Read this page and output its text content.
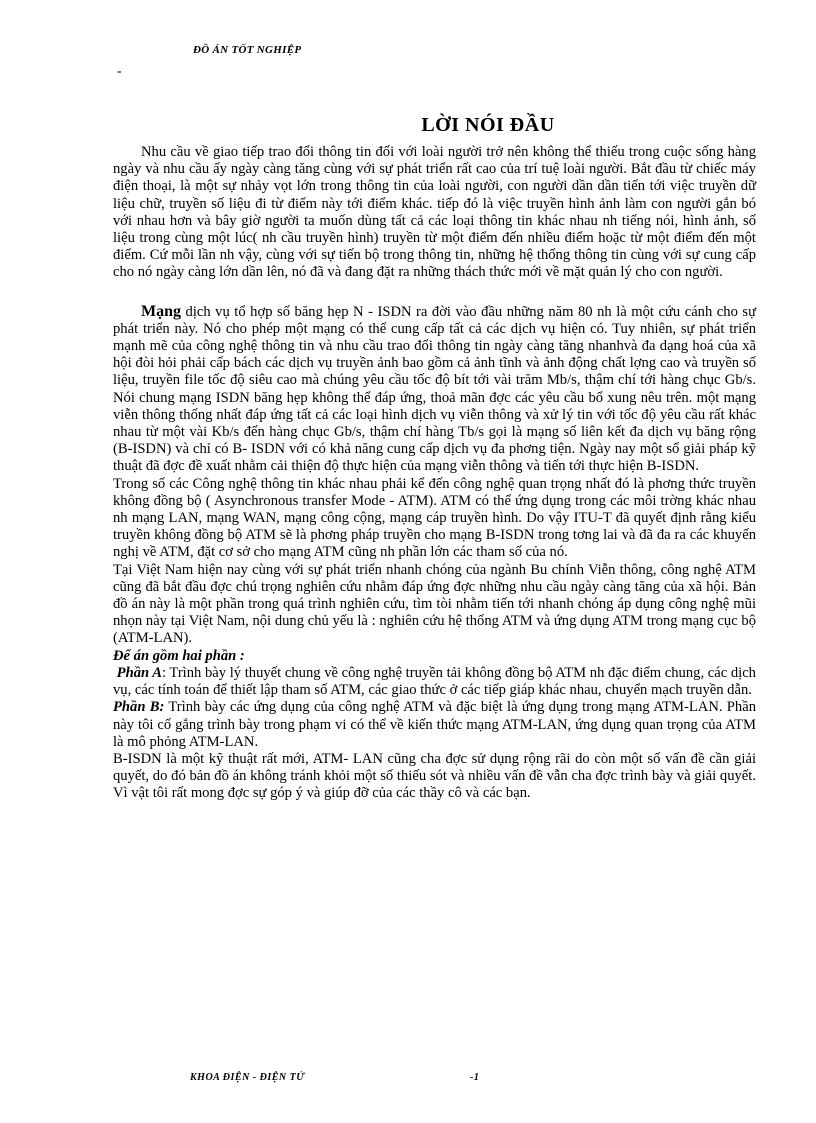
ĐỒ ÁN TỐT NGHIỆP
-
LỜI NÓI ĐẦU

Nhu cầu về giao tiếp trao đổi thông tin đối với loài người trở nên không thể thiếu trong cuộc sống hàng ngày và nhu cầu ấy ngày càng tăng cùng với sự phát triển rất cao của trí tuệ loài người. Bắt đầu từ chiếc máy điện thoại, là một sự nhảy vọt lớn trong thông tin của loài người, con người dần dần tiến tới việc truyền dữ liệu chữ, truyền số liệu đi từ điểm này tới điểm khác. tiếp đó là việc truyền hình ảnh làm con người gắn bó với nhau hơn và bây giờ người ta muốn dùng tất cả các loại thông tin khác nhau nh tiếng nói, hình ảnh, số liệu trong cùng một lúc( nh cầu truyền hình) truyền từ một điểm đến nhiều điểm hoặc từ một điểm đến một điểm. Cứ mỗi lần nh vậy, cùng với sự tiến bộ trong thông tin, những hệ thống thông tin cùng với sự cung cấp cho nó ngày càng lớn dần lên, nó đã và đang đặt ra những thách thức mới về mặt quản lý cho con người.

Mạng dịch vụ tổ hợp số băng hẹp N - ISDN ra đời vào đầu những năm 80 nh là một cứu cánh cho sự phát triển này. Nó cho phép một mạng có thể cung cấp tất cả các dịch vụ hiện có. Tuy nhiên, sự phát triển mạnh mẽ của công nghệ thông tin và nhu cầu trao đổi thông tin ngày càng tăng nhanhvà đa dạng hoá của xã hội đòi hỏi phải cấp bách các dịch vụ truyền ảnh bao gồm cả ảnh tĩnh và ảnh động chất lợng cao và truyền số liệu, truyền file tốc độ siêu cao mà chúng yêu cầu tốc độ bít tới vài trăm Mb/s, thậm chí tới hàng chục Gb/s. Nói chung mạng ISDN băng hẹp không thể đáp ứng, thoả mãn đợc các yêu cầu bổ xung nêu trên. một mạng viễn thông thống nhất đáp ứng tất cả các loại hình dịch vụ viễn thông và xử lý tin với tốc độ yêu cầu rất khác nhau từ một vài Kb/s đến hàng chục Gb/s, thậm chí hàng Tb/s gọi là mạng số liên kết đa dịch vụ băng rộng (B-ISDN) và chỉ có B- ISDN với có khả năng cung cấp dịch vụ đa phơng tiện. Ngày nay một số giải pháp kỹ thuật đã đợc đề xuất nhằm cải thiện độ thực hiện của mạng viễn thông và tiến tới thực hiện B-ISDN.

Trong số các Công nghệ thông tin khác nhau phải kể đến công nghệ quan trọng nhất đó là phơng thức truyền không đồng bộ ( Asynchronous transfer Mode - ATM). ATM có thể ứng dụng trong các môi trờng khác nhau nh mạng LAN, mạng WAN, mạng công cộng, mạng cáp truyền hình. Do vậy ITU-T đã quyết định rằng kiểu truyền không đồng bộ ATM sẽ là phơng pháp truyền cho mạng B-ISDN trong tơng lai và đã đa ra các khuyến nghị về ATM, đặt cơ sở cho mạng ATM cũng nh phần lớn các tham số của nó.

Tại Việt Nam hiện nay cùng với sự phát triển nhanh chóng của ngành Bu chính Viễn thông, công nghệ ATM cũng đã bắt đầu đợc chú trọng nghiên cứu nhằm đáp ứng đợc những nhu cầu ngày càng tăng của xã hội. Bản đồ án này là một phần trong quá trình nghiên cứu, tìm tòi nhằm tiến tới nhanh chóng áp dụng công nghệ mũi nhọn này tại Việt Nam, nội dung chủ yếu là : nghiên cứu hệ thống ATM và ứng dụng ATM trong mạng cục bộ (ATM-LAN).

Để án gồm hai phần :

Phần A: Trình bày lý thuyết chung về công nghệ truyền tải không đồng bộ ATM nh đặc điểm chung, các dịch vụ, các tính toán để thiết lập tham số ATM, các giao thức ở các tiếp giáp khác nhau, chuyển mạch truyền dẫn.

Phần B: Trình bày các ứng dụng của công nghệ ATM và đặc biệt là ứng dụng trong mạng ATM-LAN. Phần này tôi cố gắng trình bày trong phạm vi có thể về kiến thức mạng ATM-LAN, ứng dụng quan trọng của ATM là mô phỏng ATM-LAN.

B-ISDN là một kỹ thuật rất mới, ATM- LAN cũng cha đợc sử dụng rộng rãi do còn một số vấn đề cần giải quyết, do đó bản đồ án không tránh khỏi một số thiếu sót và nhiều vấn đề vẫn cha đợc trình bày và giải quyết. Vì vật tôi rất mong đợc sự góp ý và giúp đỡ của các thầy cô và các bạn.

KHOA ĐIỆN - ĐIỆN TỬ	-1
